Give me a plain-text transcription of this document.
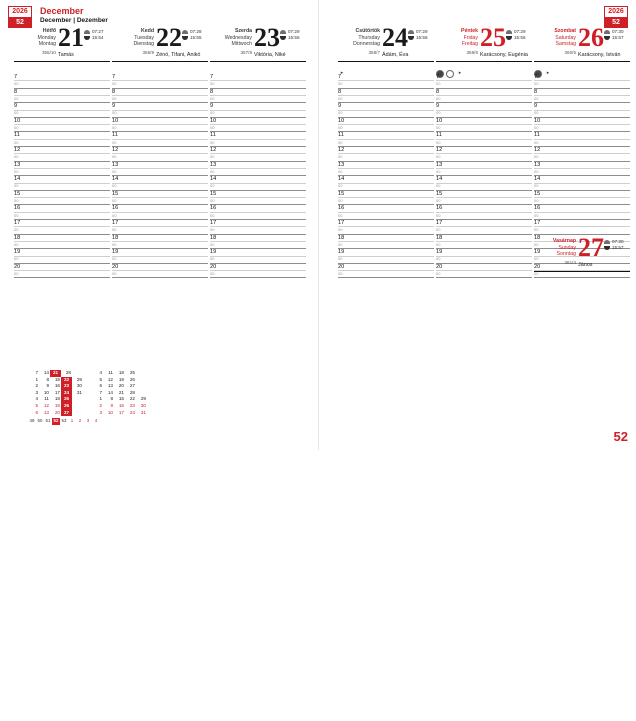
2026
52
December
December | Dezember
Hétfő
Monday
Montag 21	07:27
15:54
355/10 Tamás
7
00
8
00
9
00
10
00
11
00
12
00
13
00
14
00
15
00
16
00
17
00
18
00
19
00
20
00
Kedd
Tuesday
Dienstag 22	07:28
15:55
356/9 Zénó, Tifani, Anikó
7
00
8
00
9
00
10
00
11
00
12
00
13
00
14
00
15
00
16
00
17
00
18
00
19
00
20
00
Szerda
Wednesday
Mittwoch 23	07:29
15:55
357/8 Viktória, Niké
7
00
8
00
9
00
10
00
11
00
12
00
13
00
14
00
15
00
16
00
17
00
18
00
19
00
20
00
7	14	21	28			4	11	18	25	
1	8	15	22	29		5	12	19	26	
2	9	16	23	30		6	13	20	27	
3	10	17	24	31		7	14	21	28	
4	11	18	25			1	8	15	22	29
5	12	19	26			2	9	16	23	30
6	13	20	27			3	10	17	24	31
49 50 51 52 53 1 2 3 4
2026
52
Csütörtök
Thursday
Donnerstag 24	07:29
15:56
358/7 Ádám, Éva
▸
7
00
8
00
9
00
10
00
11
00
12
00
13
00
14
00
15
00
16
00
17
00
18
00
19
00
20
00
Péntek
Friday
Freitag 25	07:29
15:56
359/6 Karácsony, Eugénia
▸
7
00
8
00
9
00
10
00
11
00
12
00
13
00
14
00
15
00
16
00
17
00
18
00
19
00
20
00
Szombat
Saturday
Samstag 26	07:30
15:57
360/5 Karácsony, István
▸
7
00
8
00
9
00
10
00
11
00
12
00
13
00
14
00
15
00
16
00
17
00
18
00
19
00
20
00
Vasárnap
Sunday
Sonntag 27	07:30
15:57
361/4 János
52
